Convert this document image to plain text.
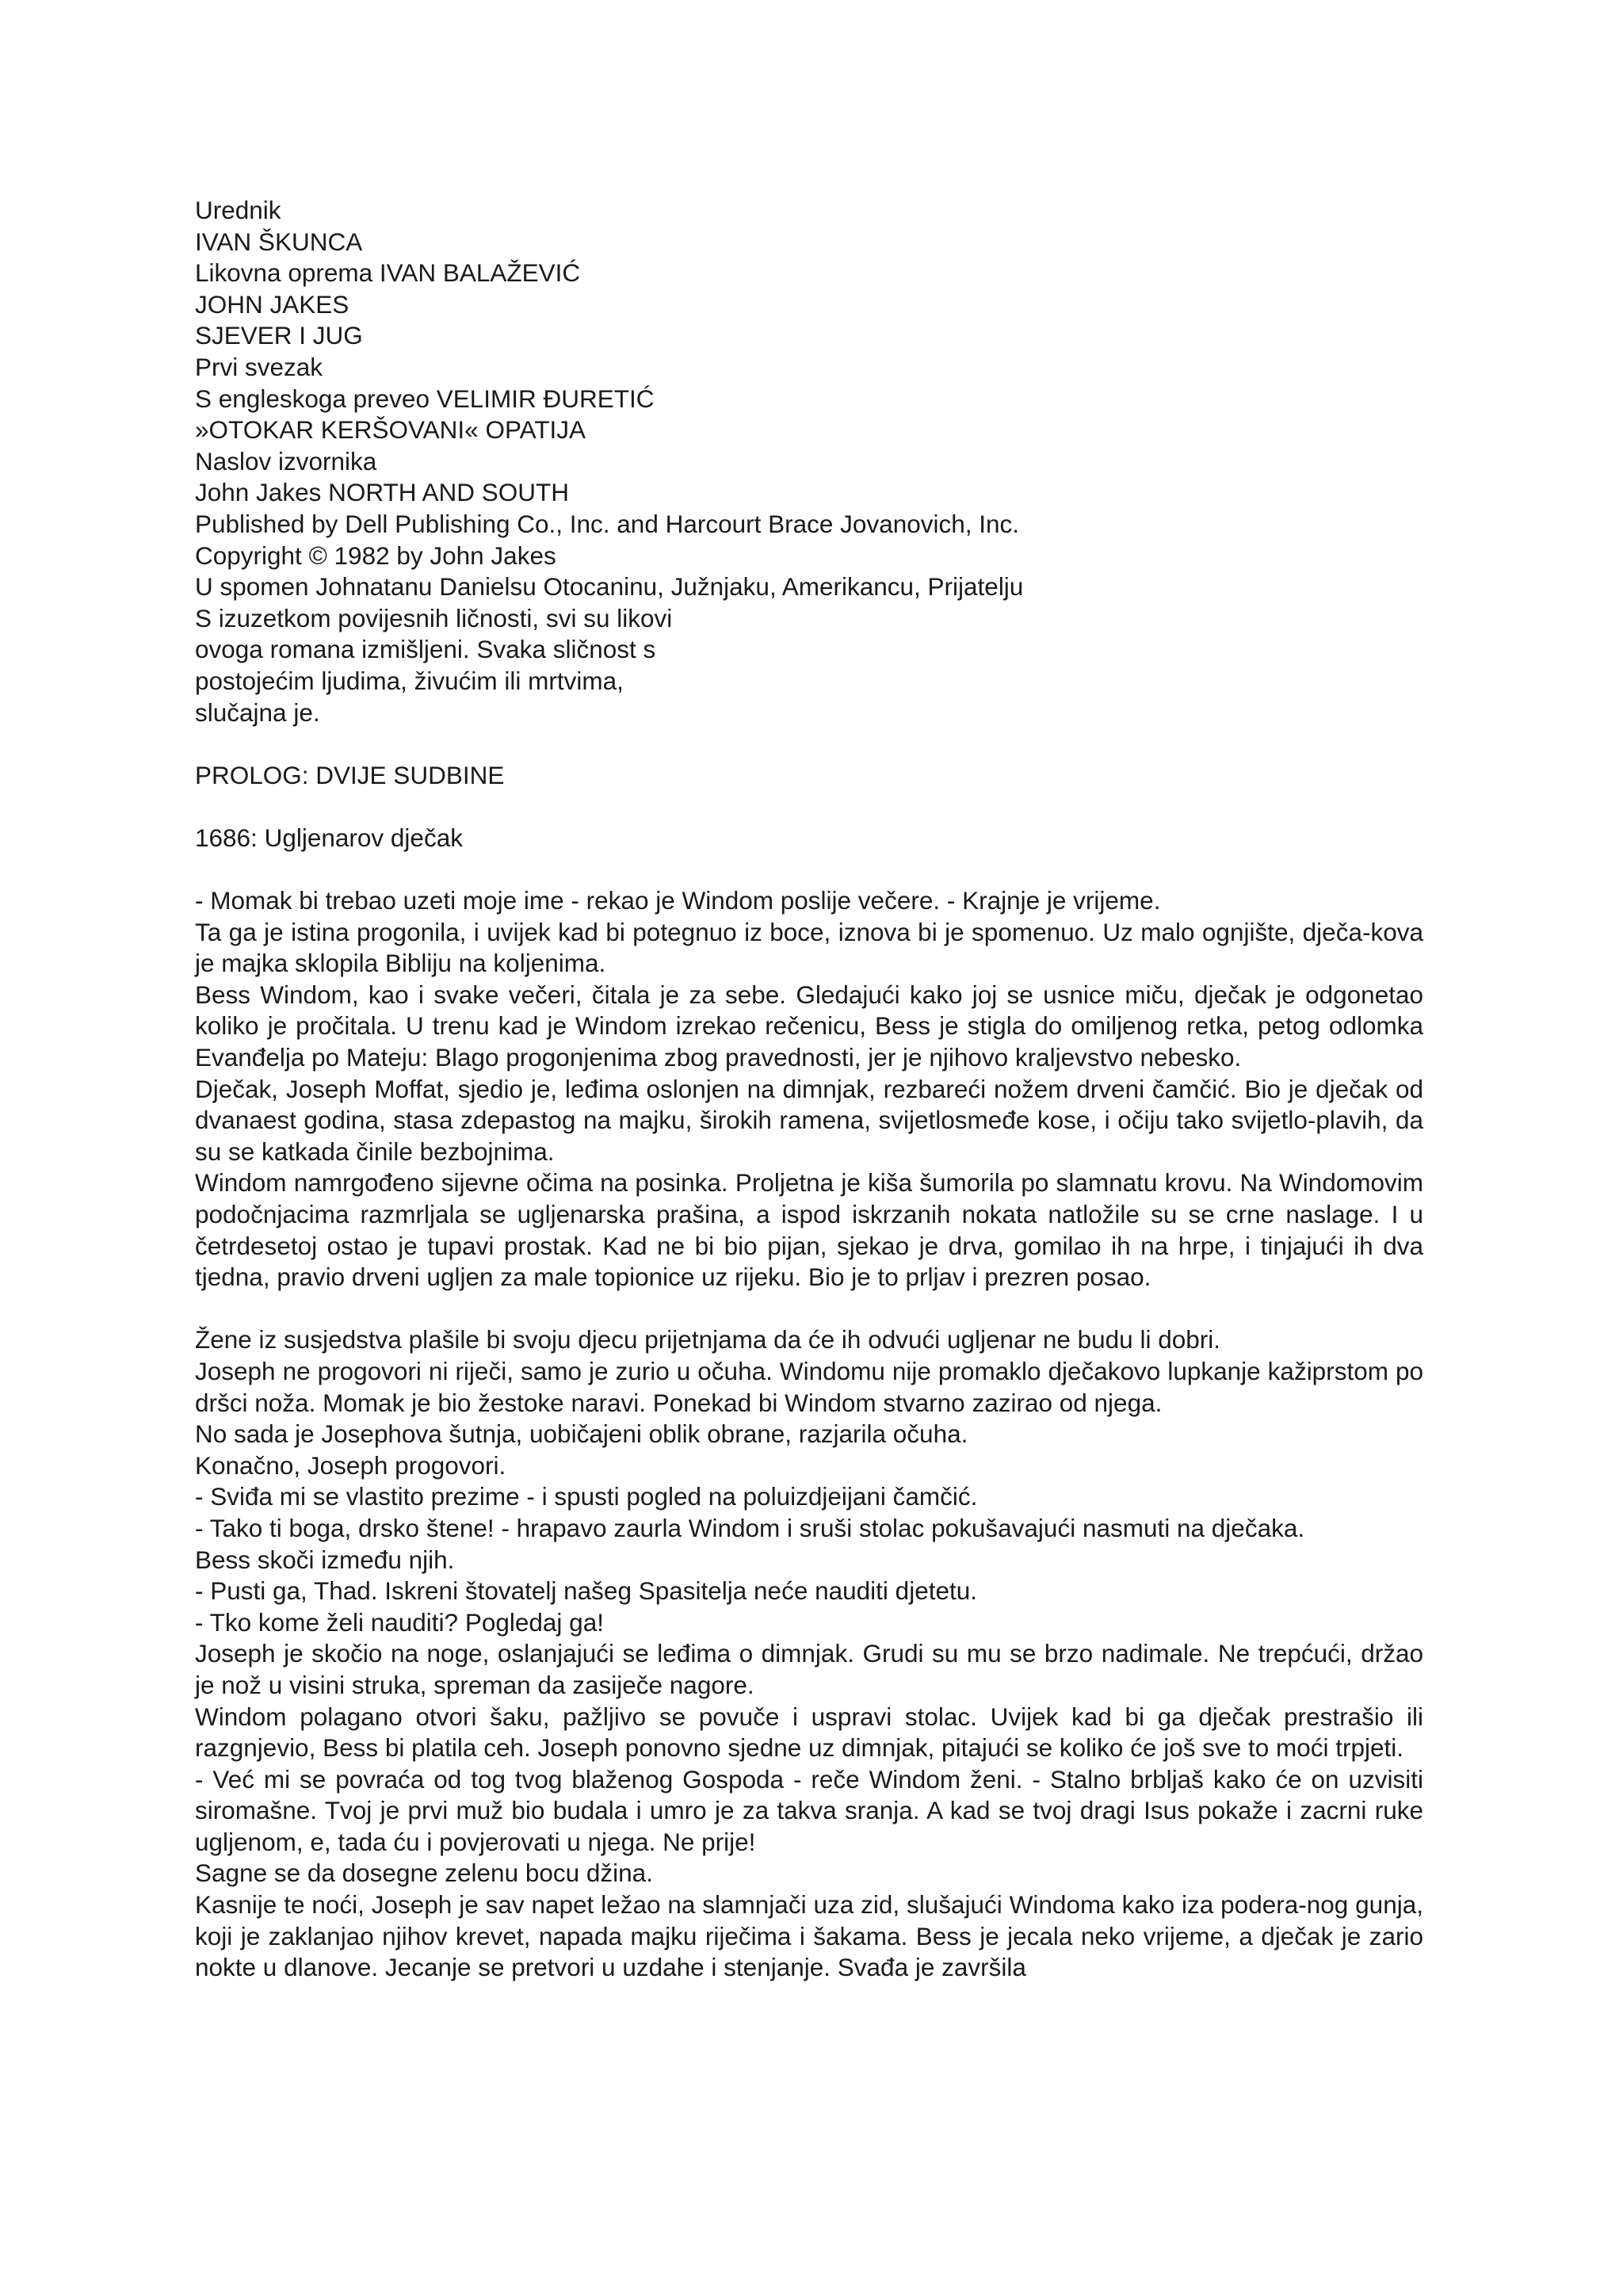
Urednik

IVAN ŠKUNCA

Likovna oprema IVAN BALAŽEVIĆ

JOHN JAKES

SJEVER I JUG

Prvi svezak

S engleskoga preveo VELIMIR ĐURETIĆ

»OTOKAR KERŠOVANI« OPATIJA

Naslov izvornika

John Jakes NORTH AND SOUTH

Published by Dell Publishing Co., Inc. and Harcourt Brace Jovanovich, Inc.

Copyright © 1982 by John Jakes

U spomen Johnatanu Danielsu Otocaninu, Južnjaku, Amerikancu, Prijatelju

S izuzetkom povijesnih ličnosti, svi su likovi

ovoga romana izmišljeni. Svaka sličnost s

postojećim ljudima, živućim ili mrtvima,

slučajna je.

PROLOG: DVIJE SUDBINE

1686: Ugljenarov dječak

- Momak bi trebao uzeti moje ime - rekao je Windom poslije večere. - Krajnje je vrijeme.

Ta ga je istina progonila, i uvijek kad bi potegnuo iz boce, iznova bi je spomenuo. Uz malo ognjište, dječa-kova je majka sklopila Bibliju na koljenima.

Bess Windom, kao i svake večeri, čitala je za sebe. Gledajući kako joj se usnice miču, dječak je odgonetao koliko je pročitala. U trenu kad je Windom izrekao rečenicu, Bess je stigla do omiljenog retka, petog odlomka Evanđelja po Mateju: Blago progonjenima zbog pravednosti, jer je njihovo kraljevstvo nebesko.

Dječak, Joseph Moffat, sjedio je, leđima oslonjen na dimnjak, rezbareći nožem drveni čamčić. Bio je dječak od dvanaest godina, stasa zdepastog na majku, širokih ramena, svijetlosmeđe kose, i očiju tako svijetlo-plavih, da su se katkada činile bezbojnima.

Windom namrgođeno sijevne očima na posinka. Proljetna je kiša šumorila po slamnatu krovu. Na Windomovim podočnjacima razmrljala se ugljenarska prašina, a ispod iskrzanih nokata natložile su se crne naslage. I u četrdesetoj ostao je tupavi prostak. Kad ne bi bio pijan, sjekao je drva, gomilao ih na hrpe, i tinjajući ih dva tjedna, pravio drveni ugljen za male topionice uz rijeku. Bio je to prljav i prezren posao.

Žene iz susjedstva plašile bi svoju djecu prijetnjama da će ih odvući ugljenar ne budu li dobri.

Joseph ne progovori ni riječi, samo je zurio u očuha. Windomu nije promaklo dječakovo lupkanje kažiprstom po dršci noža. Momak je bio žestoke naravi. Ponekad bi Windom stvarno zazirao od njega.

No sada je Josephova šutnja, uobičajeni oblik obrane, razjarila očuha.

Konačno, Joseph progovori.

- Sviđa mi se vlastito prezime - i spusti pogled na poluizdjeijani čamčić.

- Tako ti boga, drsko štene! - hrapavo zaurla Windom i sruši stolac pokušavajući nasmuti na dječaka.

Bess skoči između njih.

- Pusti ga, Thad. Iskreni štovatelj našeg Spasitelja neće nauditi djetetu.

- Tko kome želi nauditi? Pogledaj ga!

Joseph je skočio na noge, oslanjajući se leđima o dimnjak. Grudi su mu se brzo nadimale. Ne trepćući, držao je nož u visini struka, spreman da zasiječe nagore.

Windom polagano otvori šaku, pažljivo se povuče i uspravi stolac. Uvijek kad bi ga dječak prestrašio ili razgnjevio, Bess bi platila ceh. Joseph ponovno sjedne uz dimnjak, pitajući se koliko će još sve to moći trpjeti.

- Već mi se povraća od tog tvog blaženog Gospoda - reče Windom ženi. - Stalno brbljaš kako će on uzvisiti siromašne. Tvoj je prvi muž bio budala i umro je za takva sranja. A kad se tvoj dragi Isus pokaže i zacrni ruke ugljenom, e, tada ću i povjerovati u njega. Ne prije!

Sagne se da dosegne zelenu bocu džina.

Kasnije te noći, Joseph je sav napet ležao na slamnjači uza zid, slušajući Windoma kako iza podera-nog gunja, koji je zaklanjao njihov krevet, napada majku riječima i šakama. Bess je jecala neko vrijeme, a dječak je zario nokte u dlanove. Jecanje se pretvori u uzdahe i stenjanje. Svađa je završila
